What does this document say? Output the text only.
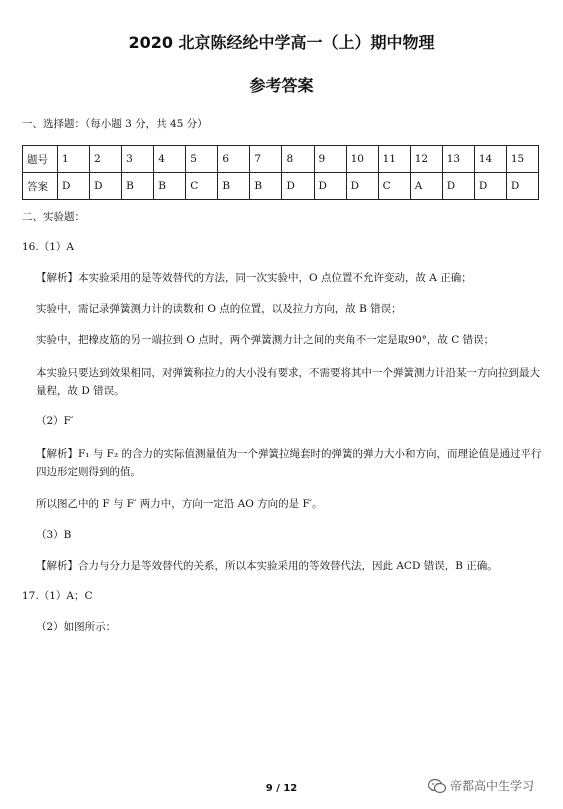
2020 北京陈经纶中学高一（上）期中物理
参考答案
一、选择题：（每小题 3 分，共 45 分）
题号	1	2	3	4	5	6	7	8	9	10	11	12	13	14	15
答案	D	D	B	B	C	B	B	D	D	D	C	A	D	D	D
二、实验题：
16.（1）A
【解析】本实验采用的是等效替代的方法，同一次实验中，O 点位置不允许变动，故 A 正确；
实验中，需记录弹簧测力计的读数和 O 点的位置，以及拉力方向，故 B 错误；
实验中，把橡皮筋的另一端拉到 O 点时，两个弹簧测力计之间的夹角不一定是取90°，故 C 错误；
本实验只要达到效果相同，对弹簧称拉力的大小没有要求，不需要将其中一个弹簧测力计沿某一方向拉到最大量程，故 D 错误。
（2）F′
【解析】F₁ 与 F₂ 的合力的实际值测量值为一个弹簧拉绳套时的弹簧的弹力大小和方向，而理论值是通过平行四边形定则得到的值。
所以图乙中的 F 与 F′ 两力中，方向一定沿 AO 方向的是 F′。
（3）B
【解析】合力与分力是等效替代的关系，所以本实验采用的等效替代法，因此 ACD 错误，B 正确。
17.（1）A；C
（2）如图所示：
9 / 12	帝都高中生学习
